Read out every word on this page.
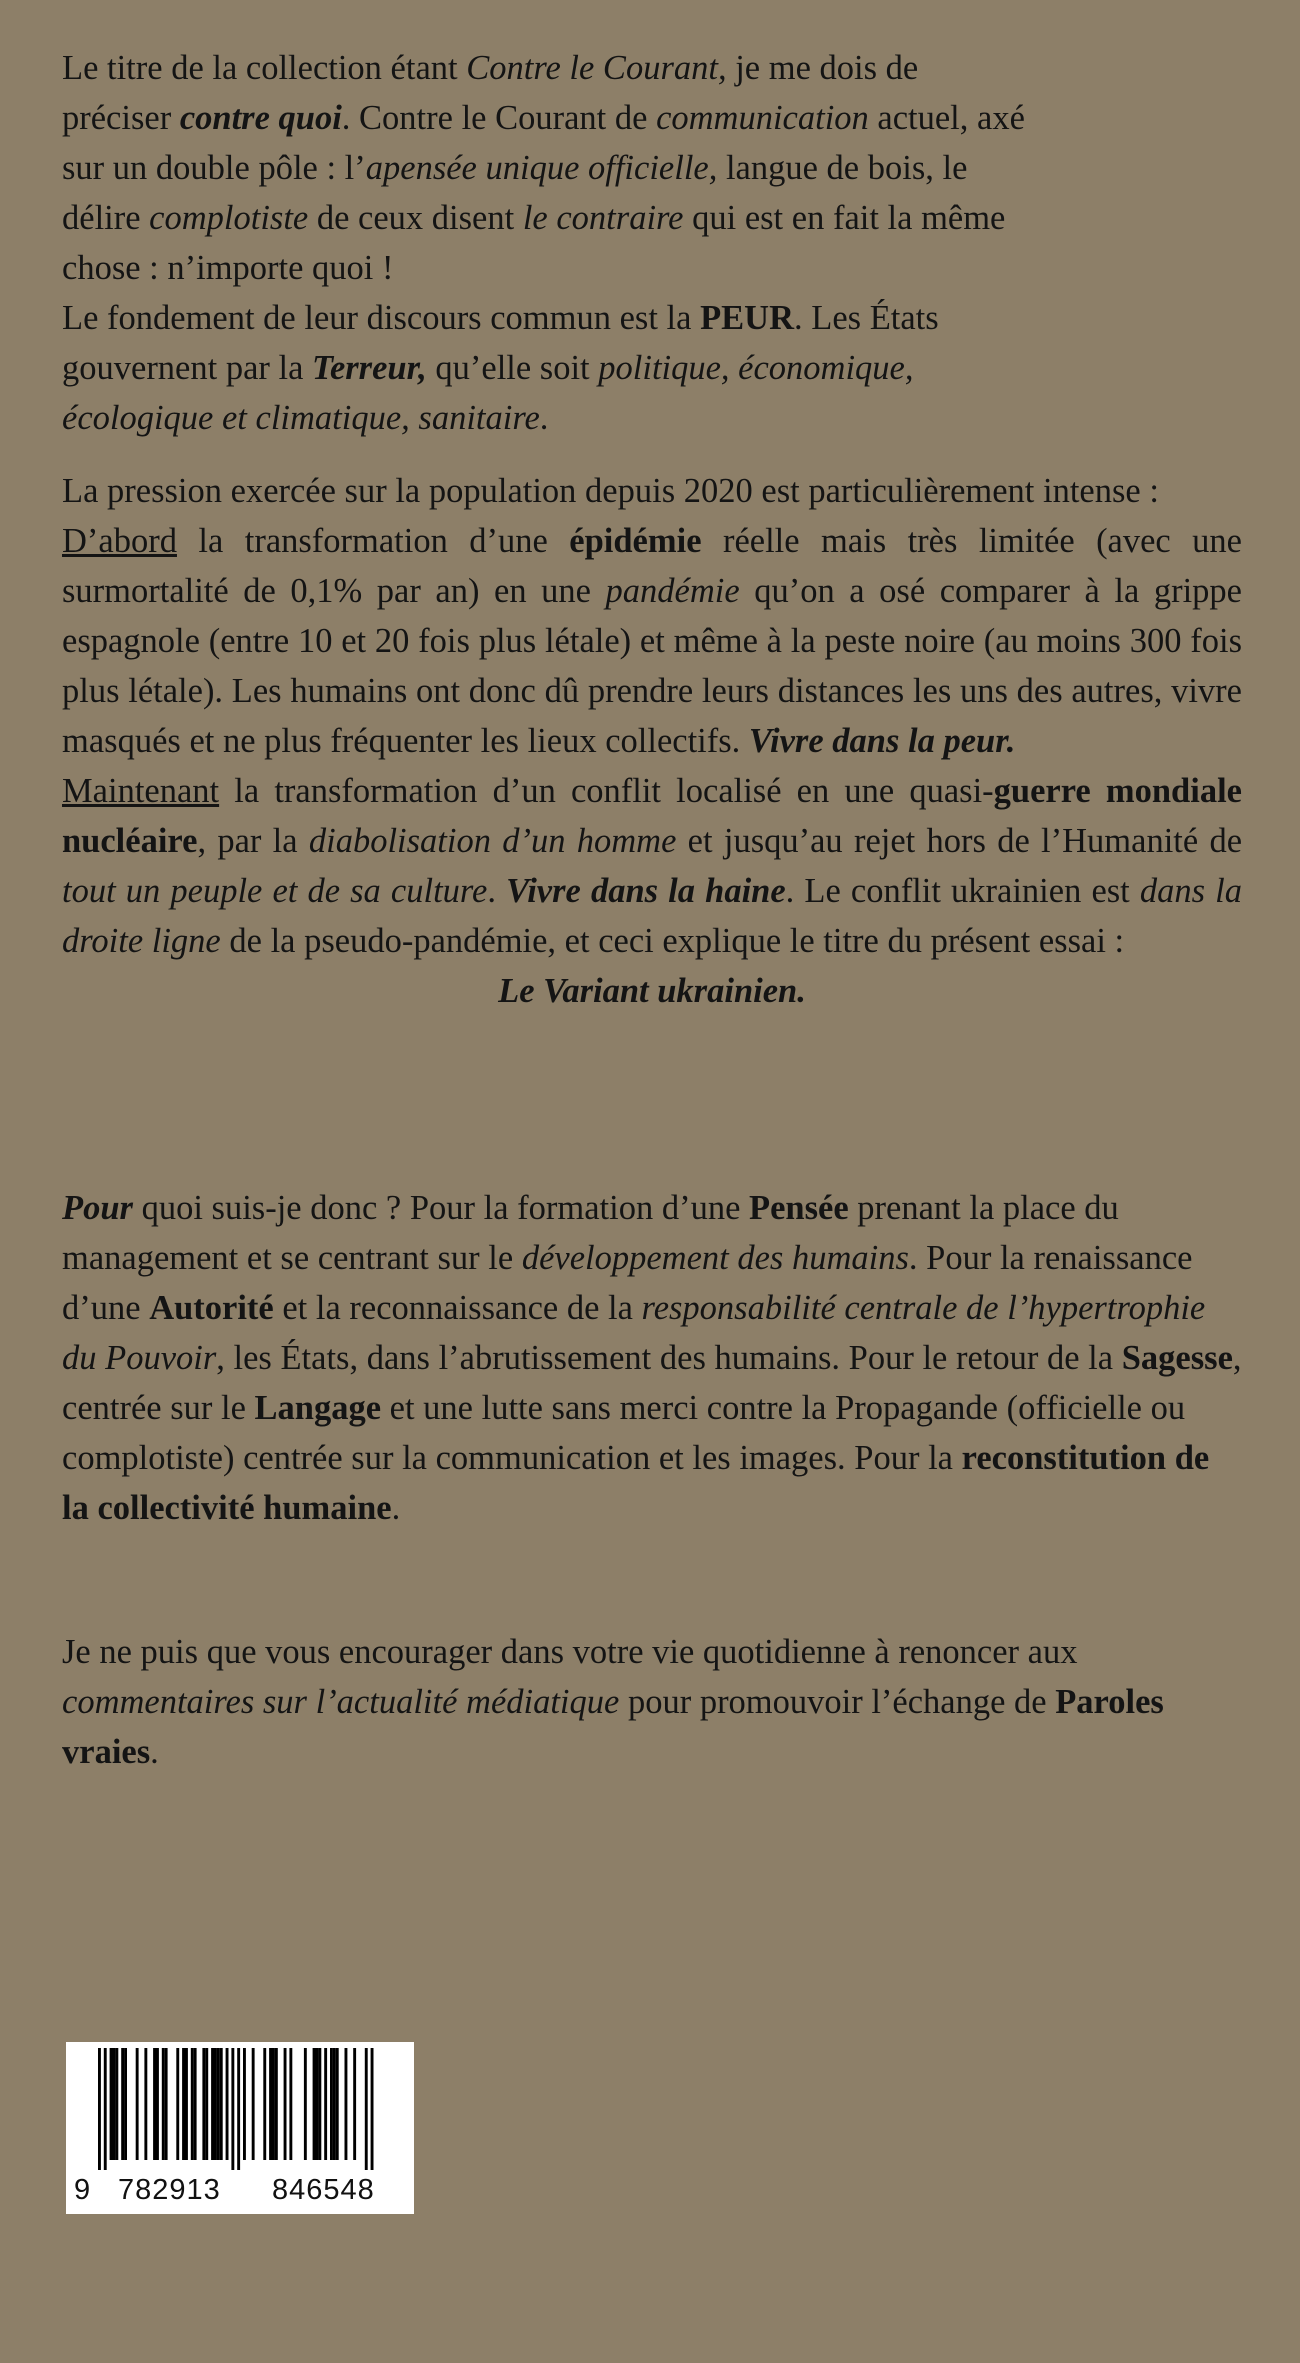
Le titre de la collection étant Contre le Courant, je me dois de
préciser contre quoi. Contre le Courant de communication actuel, axé
sur un double pôle : l’apensée unique officielle, langue de bois, le
délire complotiste de ceux disent le contraire qui est en fait la même
chose : n’importe quoi !
Le fondement de leur discours commun est la PEUR. Les États
gouvernent par la Terreur, qu’elle soit politique, économique,
écologique et climatique, sanitaire.

La pression exercée sur la population depuis 2020 est particulièrement intense :

D’abord la transformation d’une épidémie réelle mais très limitée (avec une surmortalité de 0,1% par an) en une pandémie qu’on a osé comparer à la grippe espagnole (entre 10 et 20 fois plus létale) et même à la peste noire (au moins 300 fois plus létale). Les humains ont donc dû prendre leurs distances les uns des autres, vivre masqués et ne plus fréquenter les lieux collectifs. Vivre dans la peur.

Maintenant la transformation d’un conflit localisé en une quasi-guerre mondiale nucléaire, par la diabolisation d’un homme et jusqu’au rejet hors de l’Humanité de tout un peuple et de sa culture. Vivre dans la haine. Le conflit ukrainien est dans la droite ligne de la pseudo-pandémie, et ceci explique le titre du présent essai :

Le Variant ukrainien.

Pour quoi suis-je donc ? Pour la formation d’une Pensée prenant la place du management et se centrant sur le développement des humains. Pour la renaissance d’une Autorité et la reconnaissance de la responsabilité centrale de l’hypertrophie du Pouvoir, les États, dans l’abrutissement des humains. Pour le retour de la Sagesse, centrée sur le Langage et une lutte sans merci contre la Propagande (officielle ou complotiste) centrée sur la communication et les images. Pour la reconstitution de la collectivité humaine.

Je ne puis que vous encourager dans votre vie quotidienne à renoncer aux commentaires sur l’actualité médiatique pour promouvoir l’échange de Paroles vraies.

9 782913 846548
